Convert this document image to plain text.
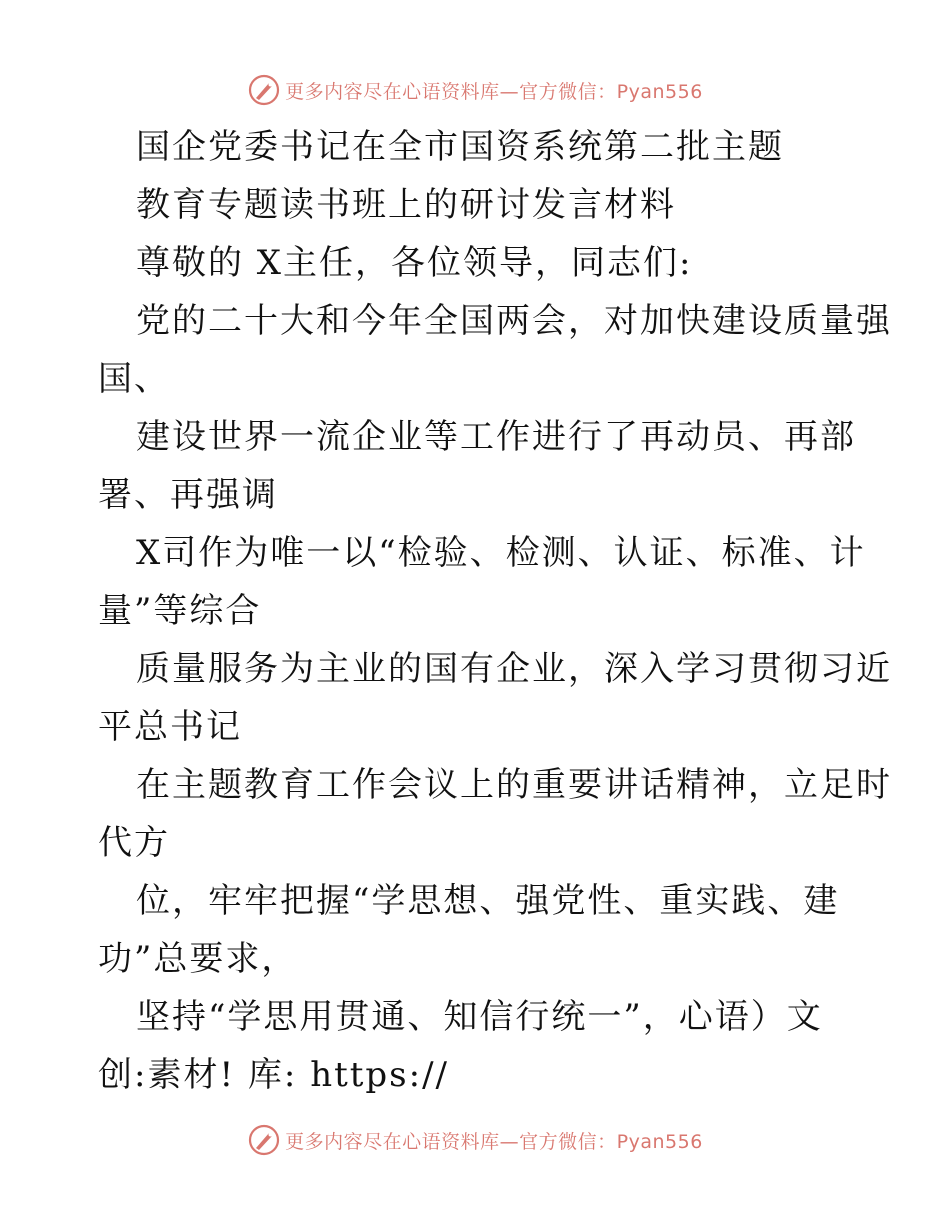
更多内容尽在心语资料库—官方微信：Pyan556
国企党委书记在全市国资系统第二批主题
教育专题读书班上的研讨发言材料
尊敬的 X主任，各位领导，同志们:
党的二十大和今年全国两会，对加快建设质量强
国、
建设世界一流企业等工作进行了再动员、再部
署、再强调
X司作为唯一以“检验、检测、认证、标准、计
量”等综合
质量服务为主业的国有企业，深入学习贯彻习近
平总书记
在主题教育工作会议上的重要讲话精神，立足时
代方
位，牢牢把握“学思想、强党性、重实践、建
功”总要求，
坚持“学思用贯通、知信行统一”，心语）文
创:素材! 库: https://
更多内容尽在心语资料库—官方微信：Pyan556
